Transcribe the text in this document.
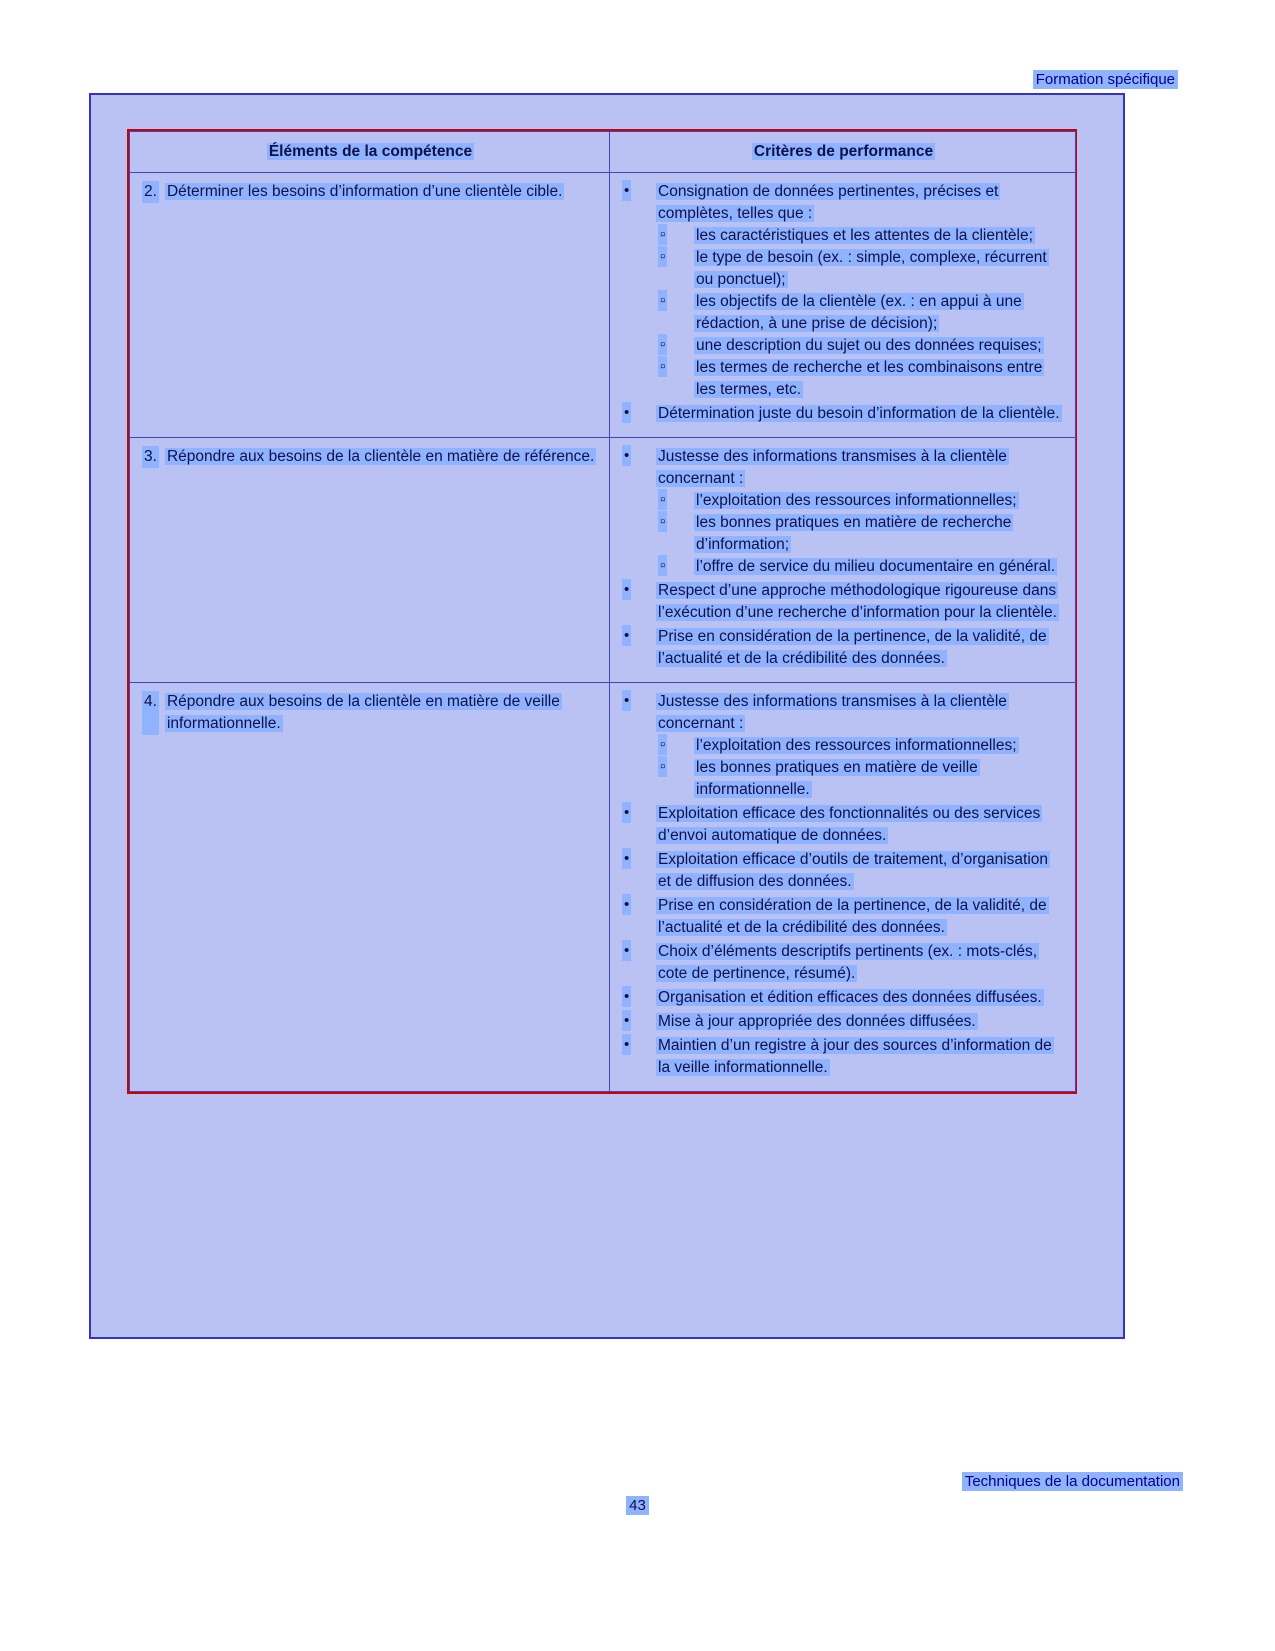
Formation spécifique
Éléments de la compétence	Critères de performance

2. Déterminer les besoins d’information d’une clientèle cible.

•Consignation de données pertinentes, précises et complètes, telles que :
▫ les caractéristiques et les attentes de la clientèle;
▫ le type de besoin (ex. : simple, complexe, récurrent ou ponctuel);
▫ les objectifs de la clientèle (ex. : en appui à une rédaction, à une prise de décision);
▫ une description du sujet ou des données requises;
▫ les termes de recherche et les combinaisons entre les termes, etc.
• Détermination juste du besoin d’information de la clientèle.

3. Répondre aux besoins de la clientèle en matière de référence.

•Justesse des informations transmises à la clientèle concernant :
▫ l’exploitation des ressources informationnelles;
▫ les bonnes pratiques en matière de recherche d’information;
▫ l’offre de service du milieu documentaire en général.
• Respect d’une approche méthodologique rigoureuse dans l’exécution d’une recherche d’information pour la clientèle.
• Prise en considération de la pertinence, de la validité, de l’actualité et de la crédibilité des données.

4. Répondre aux besoins de la clientèle en matière de veille informationnelle.

• Justesse des informations transmises à la clientèle concernant :
▫ l’exploitation des ressources informationnelles;
▫ les bonnes pratiques en matière de veille informationnelle.
• Exploitation efficace des fonctionnalités ou des services d’envoi automatique de données.
• Exploitation efficace d’outils de traitement, d’organisation et de diffusion des données.
• Prise en considération de la pertinence, de la validité, de l’actualité et de la crédibilité des données.
• Choix d’éléments descriptifs pertinents (ex. : mots-clés, cote de pertinence, résumé).
• Organisation et édition efficaces des données diffusées.
• Mise à jour appropriée des données diffusées.
• Maintien d’un registre à jour des sources d’information de la veille informationnelle.
Techniques de la documentation
43
